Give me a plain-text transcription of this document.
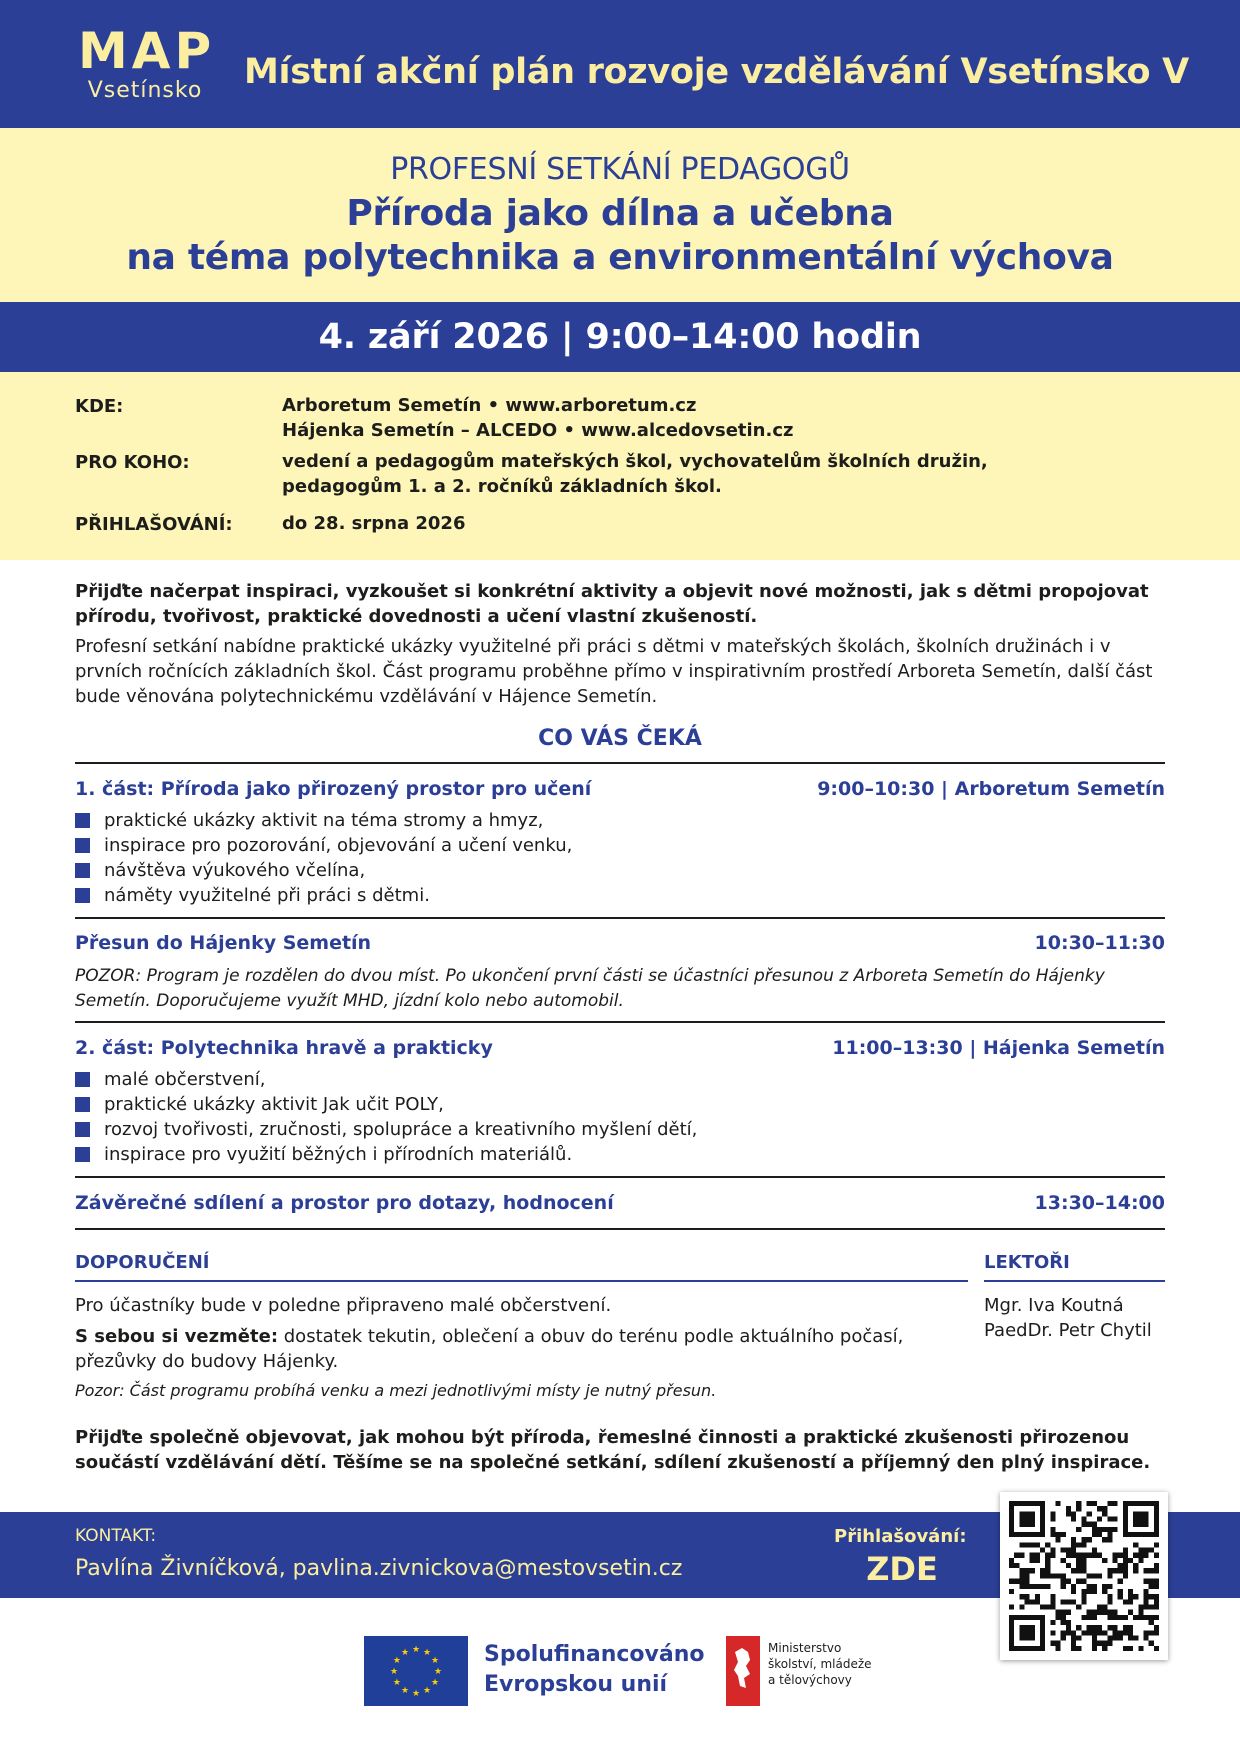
MAP
Vsetínsko Místní akční plán rozvoje vzdělávání Vsetínsko V
PROFESNÍ SETKÁNÍ PEDAGOGŮ
Příroda jako dílna a učebna
na téma polytechnika a environmentální výchova
4. září 2026 | 9:00–14:00 hodin
KDE:	Arboretum Semetín • www.arboretum.cz
Hájenka Semetín – ALCEDO • www.alcedovsetin.cz
PRO KOHO:	vedení a pedagogům mateřských škol, vychovatelům školních družin,
pedagogům 1. a 2. ročníků základních škol.
PŘIHLAŠOVÁNÍ:	do 28. srpna 2026
Přijďte načerpat inspiraci, vyzkoušet si konkrétní aktivity a objevit nové možnosti, jak s dětmi propojovat přírodu, tvořivost, praktické dovednosti a učení vlastní zkušeností.
Profesní setkání nabídne praktické ukázky využitelné při práci s dětmi v mateřských školách, školních družinách i v prvních ročnících základních škol. Část programu proběhne přímo v inspirativním prostředí Arboreta Semetín, další část bude věnována polytechnickému vzdělávání v Hájence Semetín.
CO VÁS ČEKÁ
1. část: Příroda jako přirozený prostor pro učení	9:00–10:30 | Arboretum Semetín
praktické ukázky aktivit na téma stromy a hmyz,
inspirace pro pozorování, objevování a učení venku,
návštěva výukového včelína,
náměty využitelné při práci s dětmi.
Přesun do Hájenky Semetín	10:30–11:30
POZOR: Program je rozdělen do dvou míst. Po ukončení první části se účastníci přesunou z Arboreta Semetín do Hájenky Semetín. Doporučujeme využít MHD, jízdní kolo nebo automobil.
2. část: Polytechnika hravě a prakticky	11:00–13:30 | Hájenka Semetín
malé občerstvení,
praktické ukázky aktivit Jak učit POLY,
rozvoj tvořivosti, zručnosti, spolupráce a kreativního myšlení dětí,
inspirace pro využití běžných i přírodních materiálů.
Závěrečné sdílení a prostor pro dotazy, hodnocení	13:30–14:00
DOPORUČENÍ	LEKTOŘI
Pro účastníky bude v poledne připraveno malé občerstvení.
S sebou si vezměte: dostatek tekutin, oblečení a obuv do terénu podle aktuálního počasí, přezůvky do budovy Hájenky.
Pozor: Část programu probíhá venku a mezi jednotlivými místy je nutný přesun.
Mgr. Iva Koutná
PaedDr. Petr Chytil
Přijďte společně objevovat, jak mohou být příroda, řemeslné činnosti a praktické zkušenosti přirozenou součástí vzdělávání dětí. Těšíme se na společné setkání, sdílení zkušeností a příjemný den plný inspirace.
KONTAKT:
Pavlína Živníčková, pavlina.zivnickova@mestovsetin.cz
Přihlašování:
ZDE
★
★
★
★
★
★
★
★
★ ★ ★
★ Spolufinancováno
Evropskou unií
Ministerstvo
školství, mládeže
a tělovýchovy
